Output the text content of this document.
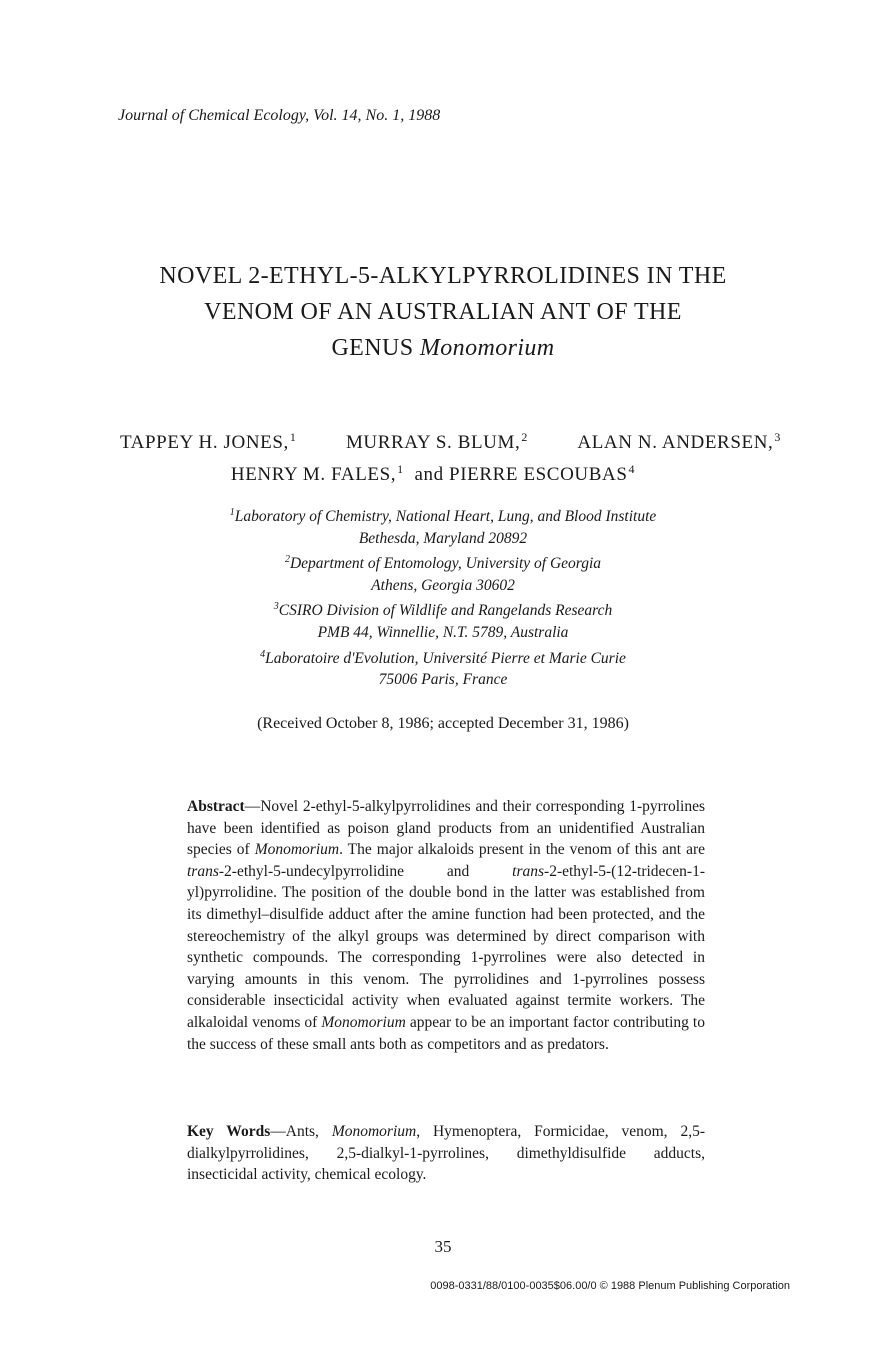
Journal of Chemical Ecology, Vol. 14, No. 1, 1988
NOVEL 2-ETHYL-5-ALKYLPYRROLIDINES IN THE
VENOM OF AN AUSTRALIAN ANT OF THE
GENUS Monomorium
TAPPEY H. JONES,$^1$	MURRAY S. BLUM,$^2$	ALAN N. ANDERSEN,$^3$
HENRY M. FALES,$^1$ and PIERRE ESCOUBAS$^4$
$^1$Laboratory of Chemistry, National Heart, Lung, and Blood Institute
Bethesda, Maryland 20892
$^2$Department of Entomology, University of Georgia
Athens, Georgia 30602
$^3$CSIRO Division of Wildlife and Rangelands Research
PMB 44, Winnellie, N.T. 5789, Australia
$^4$Laboratoire d'Evolution, Université Pierre et Marie Curie
75006 Paris, France
(Received October 8, 1986; accepted December 31, 1986)
Abstract—Novel 2-ethyl-5-alkylpyrrolidines and their corresponding 1-pyrrolines have been identified as poison gland products from an unidentified Australian species of Monomorium. The major alkaloids present in the venom of this ant are trans-2-ethyl-5-undecylpyrrolidine and trans-2-ethyl-5-(12-tridecen-1-yl)pyrrolidine. The position of the double bond in the latter was established from its dimethyl–disulfide adduct after the amine function had been protected, and the stereochemistry of the alkyl groups was determined by direct comparison with synthetic compounds. The corresponding 1-pyrrolines were also detected in varying amounts in this venom. The pyrrolidines and 1-pyrrolines possess considerable insecticidal activity when evaluated against termite workers. The alkaloidal venoms of Monomorium appear to be an important factor contributing to the success of these small ants both as competitors and as predators.
Key Words—Ants, Monomorium, Hymenoptera, Formicidae, venom, 2,5-dialkylpyrrolidines, 2,5-dialkyl-1-pyrrolines, dimethyldisulfide adducts, insecticidal activity, chemical ecology.
35
0098-0331/88/0100-0035$06.00/0 © 1988 Plenum Publishing Corporation
